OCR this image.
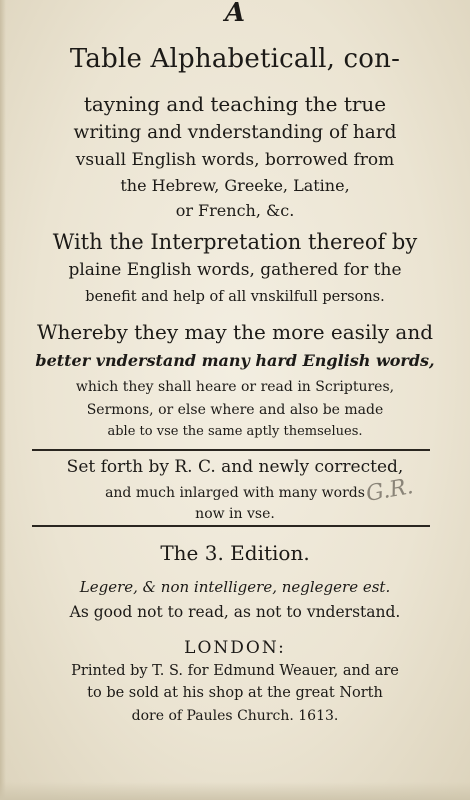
A
Table Alphabeticall, con-
tayning and teaching the true
writing and vnderstanding of hard
vsuall English words, borrowed from
the Hebrew, Greeke, Latine,
or French, &c.
With the Interpretation thereof by
plaine English words, gathered for the
benefit and help of all vnskilfull persons.
Whereby they may the more easily and
better vnderstand many hard English words,
which they shall heare or read in Scriptures,
Sermons, or else where and also be made
able to vse the same aptly themselues.
Set forth by R. C. and newly corrected,
and much inlarged with many words
now in vse.
G.R.
The 3. Edition.
Legere, & non intelligere, neglegere est.
As good not to read, as not to vnderstand.
LONDON:
Printed by T. S. for Edmund Weauer, and are
to be sold at his shop at the great North
dore of Paules Church. 1613.
